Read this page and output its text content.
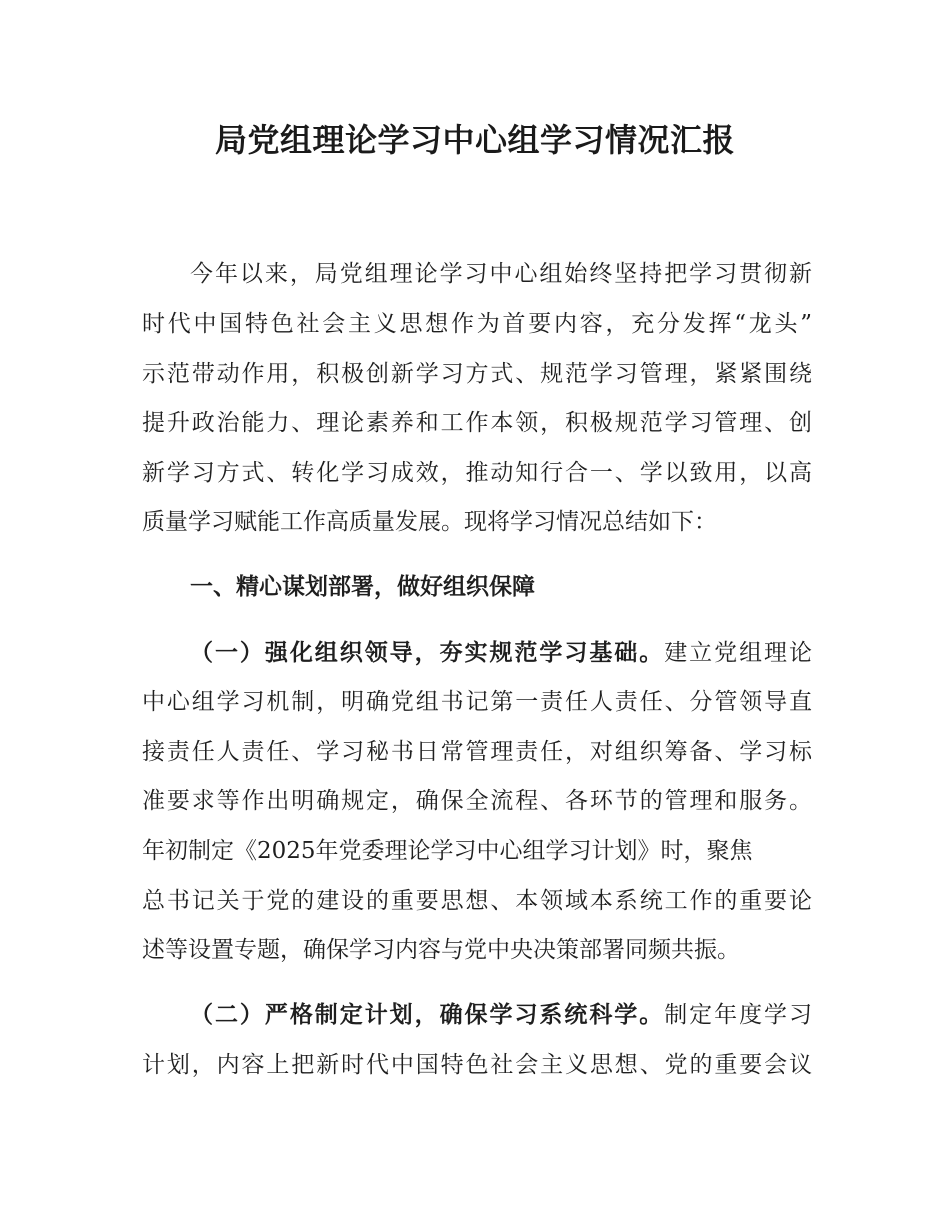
局党组理论学习中心组学习情况汇报
今年以来，局党组理论学习中心组始终坚持把学习贯彻新
时代中国特色社会主义思想作为首要内容，充分发挥“龙头”
示范带动作用，积极创新学习方式、规范学习管理，紧紧围绕
提升政治能力、理论素养和工作本领，积极规范学习管理、创
新学习方式、转化学习成效，推动知行合一、学以致用，以高
质量学习赋能工作高质量发展。现将学习情况总结如下：
一、精心谋划部署，做好组织保障
（一）强化组织领导，夯实规范学习基础。建立党组理论
中心组学习机制，明确党组书记第一责任人责任、分管领导直
接责任人责任、学习秘书日常管理责任，对组织筹备、学习标
准要求等作出明确规定，确保全流程、各环节的管理和服务。
年初制定《2025年党委理论学习中心组学习计划》时，聚焦
总书记关于党的建设的重要思想、本领域本系统工作的重要论
述等设置专题，确保学习内容与党中央决策部署同频共振。
（二）严格制定计划，确保学习系统科学。制定年度学习
计划，内容上把新时代中国特色社会主义思想、党的重要会议
